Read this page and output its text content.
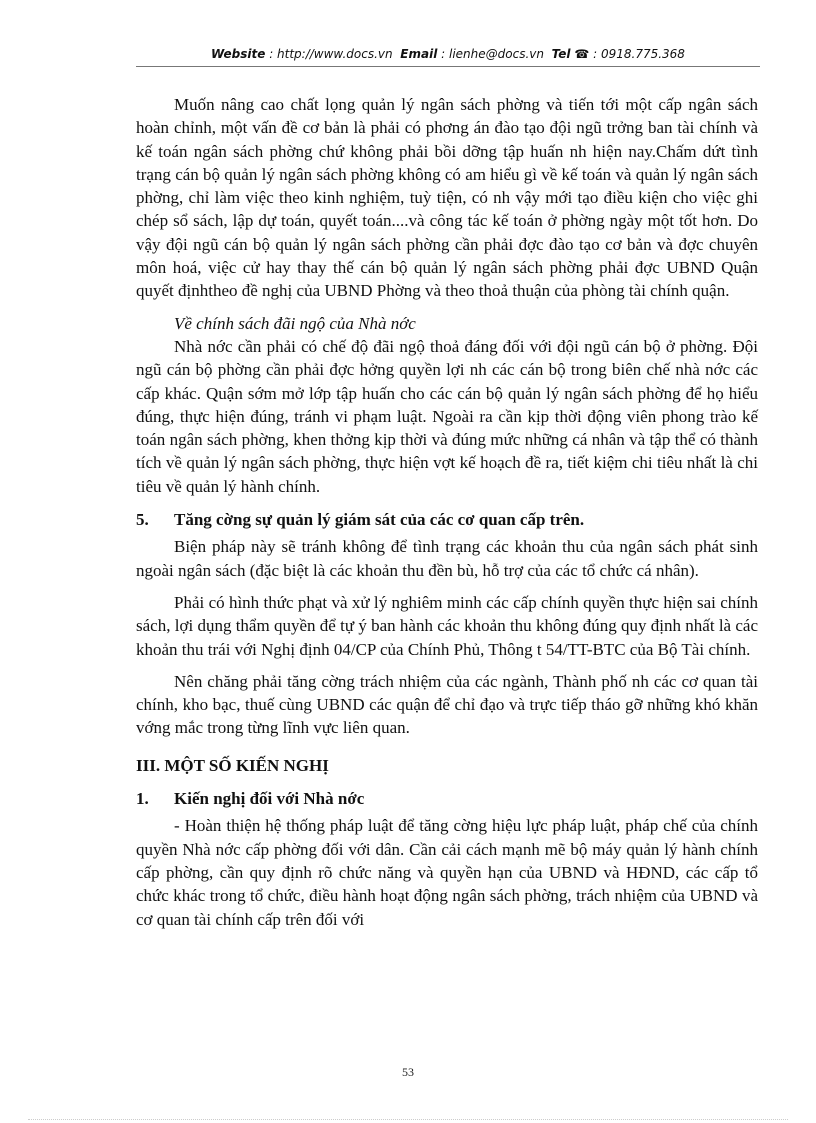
Website : http://www.docs.vn Email : lienhe@docs.vn Tel ☎ : 0918.775.368

Muốn nâng cao chất lọng quản lý ngân sách phờng và tiến tới một cấp ngân sách hoàn chỉnh, một vấn đề cơ bản là phải có phơng án đào tạo đội ngũ trởng ban tài chính và kế toán ngân sách phờng chứ không phải bồi dỡng tập huấn nh hiện nay.Chấm dứt tình trạng cán bộ quản lý ngân sách phờng không có am hiểu gì về kế toán và quản lý ngân sách phờng, chỉ làm việc theo kinh nghiệm, tuỳ tiện, có nh vậy mới tạo điều kiện cho việc ghi chép sổ sách, lập dự toán, quyết toán....và công tác kế toán ở phờng ngày một tốt hơn. Do vậy đội ngũ cán bộ quản lý ngân sách phờng cần phải đợc đào tạo cơ bản và đợc chuyên môn hoá, việc cử hay thay thế cán bộ quản lý ngân sách phờng phải đợc UBND Quận quyết địnhtheo đề nghị của UBND Phờng và theo thoả thuận của phòng tài chính quận.

Về chính sách đãi ngộ của Nhà nớc

Nhà nớc cần phải có chế độ đãi ngộ thoả đáng đối với đội ngũ cán bộ ở phờng. Đội ngũ cán bộ phờng cần phải đợc hởng quyền lợi nh các cán bộ trong biên chế nhà nớc các cấp khác. Quận sớm mở lớp tập huấn cho các cán bộ quản lý ngân sách phờng để họ hiểu đúng, thực hiện đúng, tránh vi phạm luật. Ngoài ra cần kịp thời động viên phong trào kế toán ngân sách phờng, khen thởng kịp thời và đúng mức những cá nhân và tập thể có thành tích về quản lý ngân sách phờng, thực hiện vợt kế hoạch đề ra, tiết kiệm chi tiêu nhất là chi tiêu về quản lý hành chính.

5. Tăng cờng sự quản lý giám sát của các cơ quan cấp trên.

Biện pháp này sẽ tránh không để tình trạng các khoản thu của ngân sách phát sinh ngoài ngân sách (đặc biệt là các khoản thu đền bù, hỗ trợ của các tổ chức cá nhân).

Phải có hình thức phạt và xử lý nghiêm minh các cấp chính quyền thực hiện sai chính sách, lợi dụng thẩm quyền để tự ý ban hành các khoản thu không đúng quy định nhất là các khoản thu trái với Nghị định 04/CP của Chính Phủ, Thông t 54/TT-BTC của Bộ Tài chính.

Nên chăng phải tăng cờng trách nhiệm của các ngành, Thành phố nh các cơ quan tài chính, kho bạc, thuế cùng UBND các quận để chỉ đạo và trực tiếp tháo gỡ những khó khăn vớng mắc trong từng lĩnh vực liên quan.

III. MỘT SỐ KIẾN NGHỊ
1. Kiến nghị đối với Nhà nớc

- Hoàn thiện hệ thống pháp luật để tăng cờng hiệu lực pháp luật, pháp chế của chính quyền Nhà nớc cấp phờng đối với dân. Cần cải cách mạnh mẽ bộ máy quản lý hành chính cấp phờng, cần quy định rõ chức năng và quyền hạn của UBND và HĐND, các cấp tổ chức khác trong tổ chức, điều hành hoạt động ngân sách phờng, trách nhiệm của UBND và cơ quan tài chính cấp trên đối với

53
